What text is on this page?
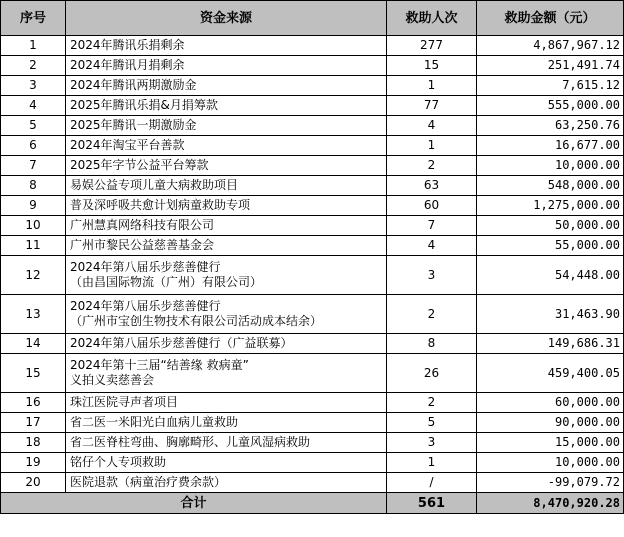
序号	资金来源	救助人次	救助金额（元）
1	2024年腾讯乐捐剩余	277	4,867,967.12
2	2024年腾讯月捐剩余	15	251,491.74
3	2024年腾讯两期激励金	1	7,615.12
4	2025年腾讯乐捐&月捐筹款	77	555,000.00
5	2025年腾讯一期激励金	4	63,250.76
6	2024年淘宝平台善款	1	16,677.00
7	2025年字节公益平台筹款	2	10,000.00
8	易娱公益专项儿童大病救助项目	63	548,000.00
9	普及深呼吸共愈计划病童救助专项	60	1,275,000.00
10	广州慧真网络科技有限公司	7	50,000.00
11	广州市黎民公益慈善基金会	4	55,000.00
12	2024年第八届乐步慈善健行
（由昌国际物流（广州）有限公司）	3	54,448.00
13	2024年第八届乐步慈善健行
（广州市宝创生物技术有限公司活动成本结余）	2	31,463.90
14	2024年第八届乐步慈善健行（广益联募）	8	149,686.31
15	2024年第十三届“结善缘 救病童”
义拍义卖慈善会	26	459,400.05
16	珠江医院寻声者项目	2	60,000.00
17	省二医一米阳光白血病儿童救助	5	90,000.00
18	省二医脊柱弯曲、胸廓畸形、儿童风湿病救助	3	15,000.00
19	铭仔个人专项救助	1	10,000.00
20	医院退款（病童治疗费余款）	/	-99,079.72
合计		561	8,470,920.28
